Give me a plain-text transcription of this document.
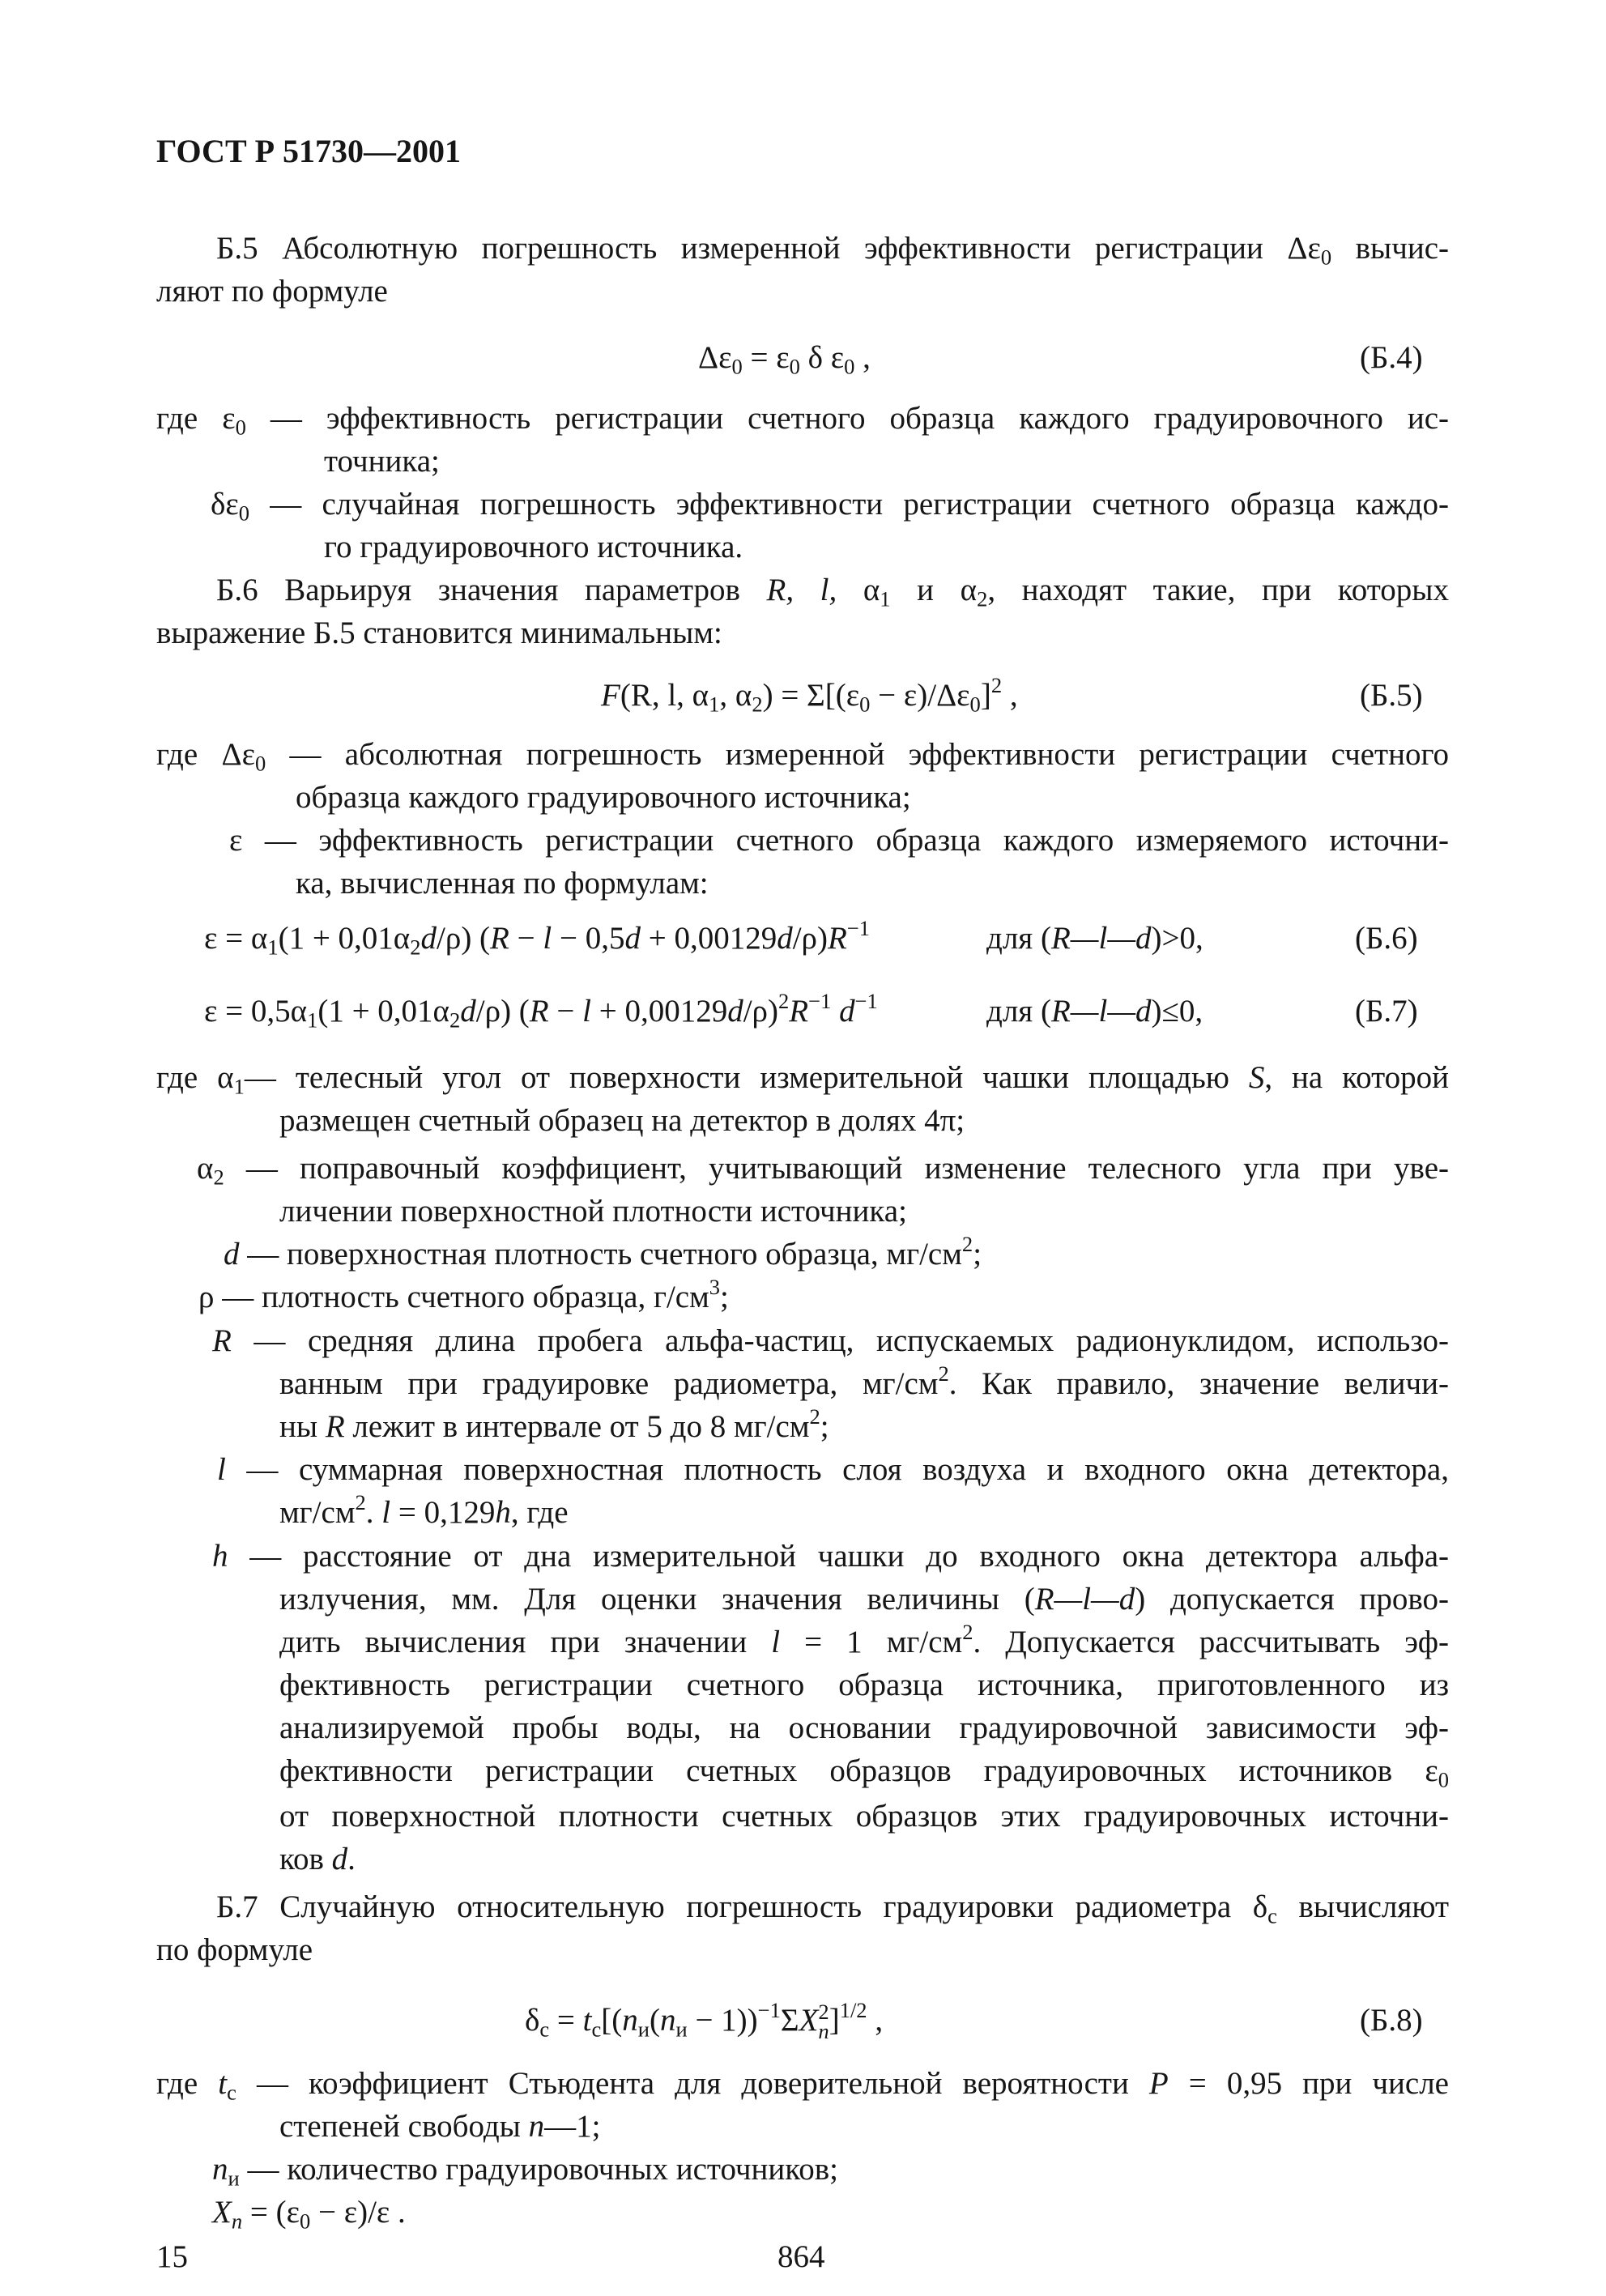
ГОСТ Р 51730—2001
Б.5 Абсолютную погрешность измеренной эффективности регистрации $\Delta\varepsilon_0$ вычис-
ляют по формуле
$\Delta\varepsilon_0 = \varepsilon_0$ δ $\varepsilon_0$ ,	(Б.4)
где $\varepsilon_0$ — эффективность регистрации счетного образца каждого градуировочного ис-
точника;
$\delta\varepsilon_0$ — случайная погрешность эффективности регистрации счетного образца каждо-
го градуировочного источника.
Б.6 Варьируя значения параметров R, l, $\alpha_1$ и $\alpha_2$, находят такие, при которых
выражение Б.5 становится минимальным:
F(R, l, $\alpha_1$, $\alpha_2) = \Sigma[(\varepsilon_0 - \varepsilon)/\Delta\varepsilon_0]^2$ ,	(Б.5)
где $\Delta\varepsilon_0$ — абсолютная погрешность измеренной эффективности регистрации счетного
образца каждого градуировочного источника;
ε — эффективность регистрации счетного образца каждого измеряемого источни-
ка, вычисленная по формулам:
$\varepsilon = \alpha_1(1 + 0,01\alpha_2d/\rho) (R - l - 0,5d + 0,00129d/\rho)R^{-1}$	для (R—l—d)>0,	(Б.6)
$\varepsilon = 0,5\alpha_1(1 + 0,01\alpha_2d/\rho) (R - l + 0,00129d/\rho)^2R^{-1}$ $d^{-1}$	для (R—l—d)≤0,	(Б.7)
где $\alpha_1—$ телесный угол от поверхности измерительной чашки площадью S, на которой
размещен счетный образец на детектор в долях 4π;
$\alpha_2$ — поправочный коэффициент, учитывающий изменение телесного угла при уве-
личении поверхностной плотности источника;
d — поверхностная плотность счетного образца, $мг/см^2$;
ρ — плотность счетного образца, $г/см^3$;
R — средняя длина пробега альфа-частиц, испускаемых радионуклидом, использо-
ванным при градуировке радиометра, $мг/см^2$. Как правило, значение величи-
ны R лежит в интервале от 5 до 8 $мг/см^2$;
l — суммарная поверхностная плотность слоя воздуха и входного окна детектора,
$мг/см^2$. l = 0,129h, где
h — расстояние от дна измерительной чашки до входного окна детектора альфа-
излучения, мм. Для оценки значения величины (R—l—d) допускается прово-
дить вычисления при значении l = 1 $мг/см^2$. Допускается рассчитывать эф-
фективность регистрации счетного образца источника, приготовленного из
анализируемой пробы воды, на основании градуировочной зависимости эф-
фективности регистрации счетных образцов градуировочных источников $\varepsilon_0$
от поверхностной плотности счетных образцов этих градуировочных источни-
ков d.
Б.7 Случайную относительную погрешность градуировки радиометра $\delta_с$ вычисляют
по формуле
$\delta_с = t_с[(n_и(n_и - 1))^{-1}\Sigma X$ 2
n ]$^{1/2}$ ,	(Б.8)
где $t_с$ — коэффициент Стьюдента для доверительной вероятности P = 0,95 при числе
степеней свободы n—1;
$n_и$ — количество градуировочных источников;
$X_n = (\varepsilon_0 - \varepsilon)/\varepsilon$ .
15	864
